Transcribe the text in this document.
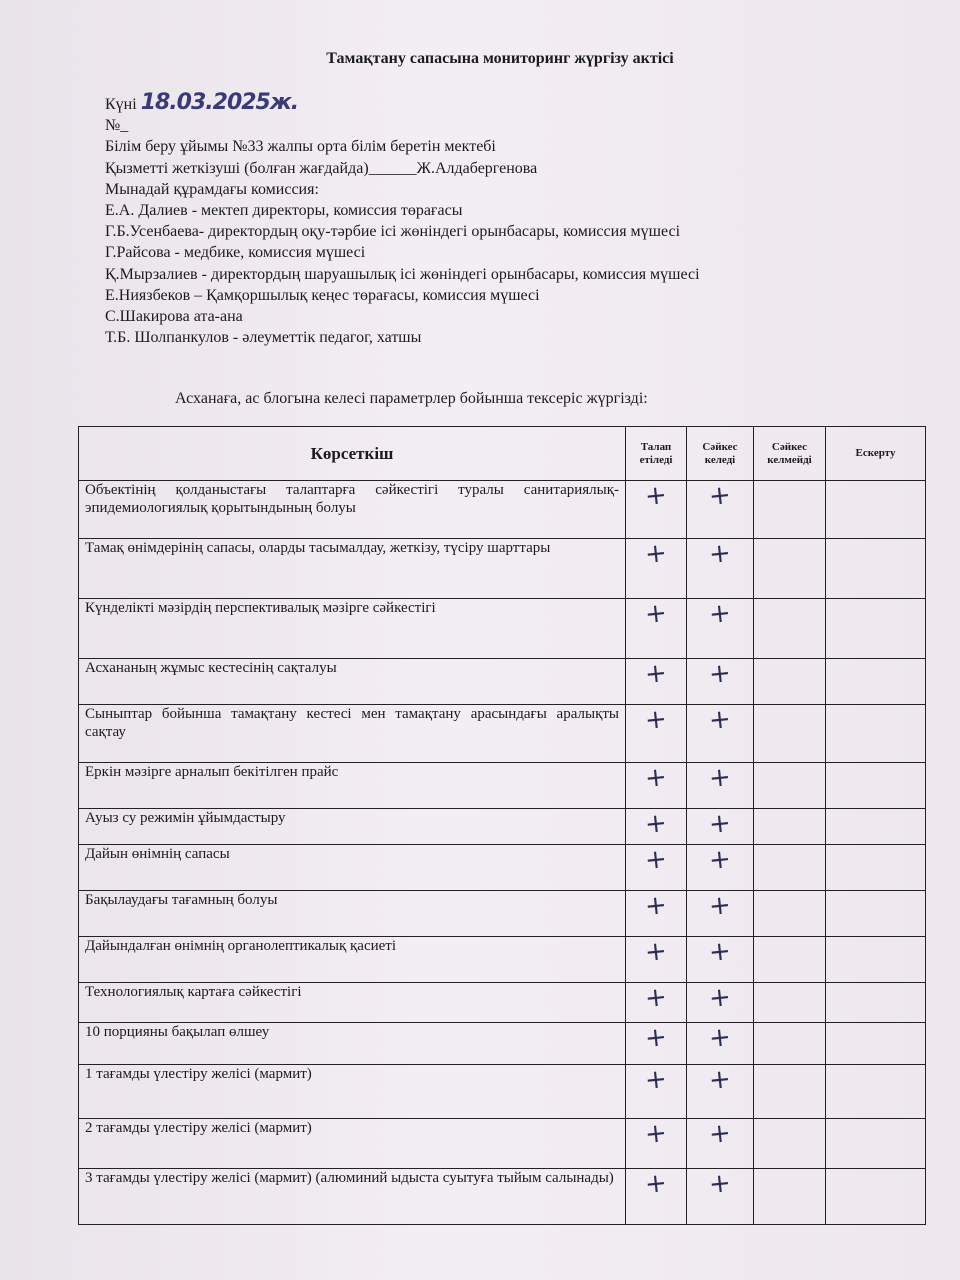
Тамақтану сапасына мониторинг жүргізу актісі
Күні 18.03.2025ж.
№_
Білім беру ұйымы №33 жалпы орта білім беретін мектебі
Қызметті жеткізуші (болған жағдайда)______Ж.Алдабергенова
Мынадай құрамдағы комиссия:
Е.А. Далиев - мектеп директоры, комиссия төрағасы
Г.Б.Усенбаева- директордың оқу-тәрбие ісі жөніндегі орынбасары, комиссия мүшесі
Г.Райсова - медбике, комиссия мүшесі
Қ.Мырзалиев - директордың шаруашылық ісі жөніндегі орынбасары, комиссия мүшесі
Е.Ниязбеков – Қамқоршылық кеңес төрағасы, комиссия мүшесі
С.Шакирова ата-ана
Т.Б. Шолпанкулов - әлеуметтік педагог, хатшы
Асханаға, ас блогына келесі параметрлер бойынша тексеріс жүргізді:
Көрсеткіш	Талап етіледі	Сәйкес келеді	Сәйкес келмейді	Ескерту
Объектінің қолданыстағы талаптарға сәйкестігі туралы санитариялық-эпидемиологиялық қорытындының болуы	+	+		
Тамақ өнімдерінің сапасы, оларды тасымалдау, жеткізу, түсіру шарттары	+	+		
Күнделікті мәзірдің перспективалық мәзірге сәйкестігі	+	+		
Асхананың жұмыс кестесінің сақталуы	+	+		
Сыныптар бойынша тамақтану кестесі мен тамақтану арасындағы аралықты сақтау	+	+		
Еркін мәзірге арналып бекітілген прайс	+	+		
Ауыз су режимін ұйымдастыру	+	+		
Дайын өнімнің сапасы	+	+		
Бақылаудағы тағамның болуы	+	+		
Дайындалған өнімнің органолептикалық қасиеті	+	+		
Технологиялық картаға сәйкестігі	+	+		
10 порцияны бақылап өлшеу	+	+		
1 тағамды үлестіру желісі (мармит)	+	+		
2 тағамды үлестіру желісі (мармит)	+	+		
3 тағамды үлестіру желісі (мармит) (алюминий ыдыста суытуға тыйым салынады)	+	+		
